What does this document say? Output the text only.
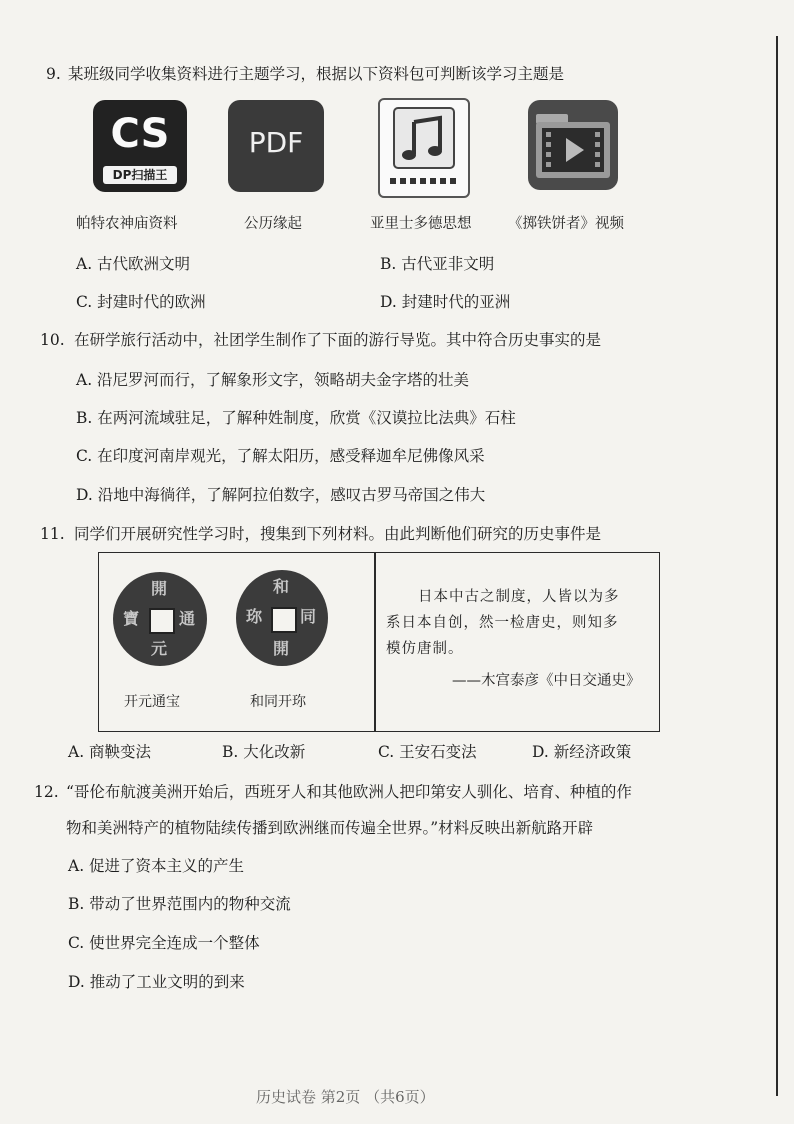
9. 某班级同学收集资料进行主题学习，根据以下资料包可判断该学习主题是
CS
DP扫描王
PDF
帕特农神庙资料	公历缘起	亚里士多德思想	《掷铁饼者》视频
A. 古代欧洲文明	B. 古代亚非文明
C. 封建时代的欧洲	D. 封建时代的亚洲
10. 在研学旅行活动中，社团学生制作了下面的游行导览。其中符合历史事实的是
A. 沿尼罗河而行，了解象形文字，领略胡夫金字塔的壮美
B. 在两河流域驻足，了解种姓制度，欣赏《汉谟拉比法典》石柱
C. 在印度河南岸观光，了解太阳历，感受释迦牟尼佛像风采
D. 沿地中海徜徉，了解阿拉伯数字，感叹古罗马帝国之伟大
11. 同学们开展研究性学习时，搜集到下列材料。由此判断他们研究的历史事件是
開
元
通
寶
和
珎
開
同
开元通宝	和同开珎
日本中古之制度，人皆以为多
系日本自创，然一检唐史，则知多
模仿唐制。
——木宫泰彦《中日交通史》
A. 商鞅变法	B. 大化改新	C. 王安石变法	D. 新经济政策
12. “哥伦布航渡美洲开始后，西班牙人和其他欧洲人把印第安人驯化、培育、种植的作
物和美洲特产的植物陆续传播到欧洲继而传遍全世界。”材料反映出新航路开辟
A. 促进了资本主义的产生
B. 带动了世界范围内的物种交流
C. 使世界完全连成一个整体
D. 推动了工业文明的到来
历史试卷 第2页 （共6页）
